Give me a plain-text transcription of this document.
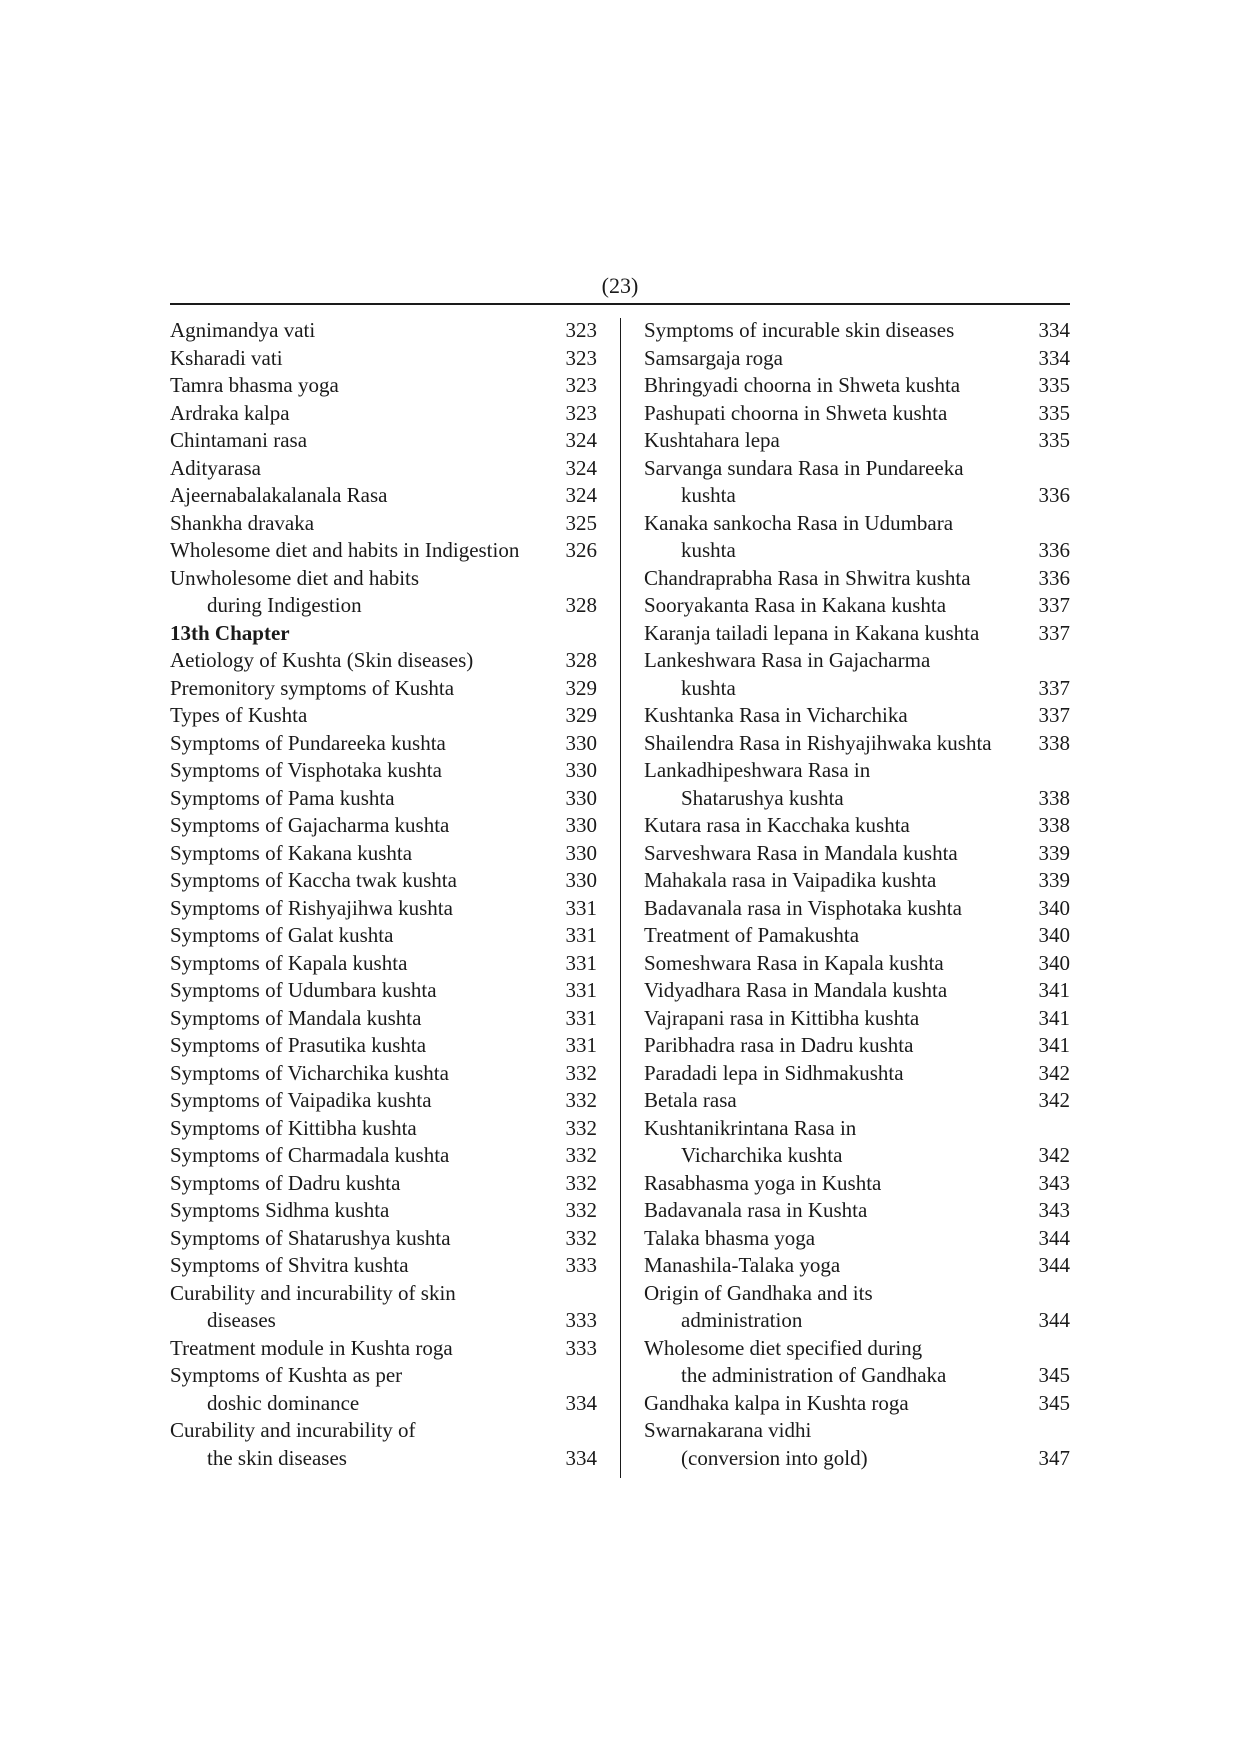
(23)
Agnimandya vati	323
Ksharadi vati	323
Tamra bhasma yoga	323
Ardraka kalpa	323
Chintamani rasa	324
Adityarasa	324
Ajeernabalakalanala Rasa	324
Shankha dravaka	325
Wholesome diet and habits in Indigestion	326
Unwholesome diet and habits
during Indigestion	328
13th Chapter
Aetiology of Kushta (Skin diseases)	328
Premonitory symptoms of Kushta	329
Types of Kushta	329
Symptoms of Pundareeka kushta	330
Symptoms of Visphotaka kushta	330
Symptoms of Pama kushta	330
Symptoms of Gajacharma kushta	330
Symptoms of Kakana kushta	330
Symptoms of Kaccha twak kushta	330
Symptoms of Rishyajihwa kushta	331
Symptoms of Galat kushta	331
Symptoms of Kapala kushta	331
Symptoms of Udumbara kushta	331
Symptoms of Mandala kushta	331
Symptoms of Prasutika kushta	331
Symptoms of Vicharchika kushta	332
Symptoms of Vaipadika kushta	332
Symptoms of Kittibha kushta	332
Symptoms of Charmadala kushta	332
Symptoms of Dadru kushta	332
Symptoms Sidhma kushta	332
Symptoms of Shatarushya kushta	332
Symptoms of Shvitra kushta	333
Curability and incurability of skin
diseases	333
Treatment module in Kushta roga	333
Symptoms of Kushta as per
doshic dominance	334
Curability and incurability of
the skin diseases	334
Symptoms of incurable skin diseases	334
Samsargaja roga	334
Bhringyadi choorna in Shweta kushta	335
Pashupati choorna in Shweta kushta	335
Kushtahara lepa	335
Sarvanga sundara Rasa in Pundareeka
kushta	336
Kanaka sankocha Rasa in Udumbara
kushta	336
Chandraprabha Rasa in Shwitra kushta	336
Sooryakanta Rasa in Kakana kushta	337
Karanja tailadi lepana in Kakana kushta	337
Lankeshwara Rasa in Gajacharma
kushta	337
Kushtanka Rasa in Vicharchika	337
Shailendra Rasa in Rishyajihwaka kushta	338
Lankadhipeshwara Rasa in
Shatarushya kushta	338
Kutara rasa in Kacchaka kushta	338
Sarveshwara Rasa in Mandala kushta	339
Mahakala rasa in Vaipadika kushta	339
Badavanala rasa in Visphotaka kushta	340
Treatment of Pamakushta	340
Someshwara Rasa in Kapala kushta	340
Vidyadhara Rasa in Mandala kushta	341
Vajrapani rasa in Kittibha kushta	341
Paribhadra rasa in Dadru kushta	341
Paradadi lepa in Sidhmakushta	342
Betala rasa	342
Kushtanikrintana Rasa in
Vicharchika kushta	342
Rasabhasma yoga in Kushta	343
Badavanala rasa in Kushta	343
Talaka bhasma yoga	344
Manashila-Talaka yoga	344
Origin of Gandhaka and its
administration	344
Wholesome diet specified during
the administration of Gandhaka	345
Gandhaka kalpa in Kushta roga	345
Swarnakarana vidhi
(conversion into gold)	347
